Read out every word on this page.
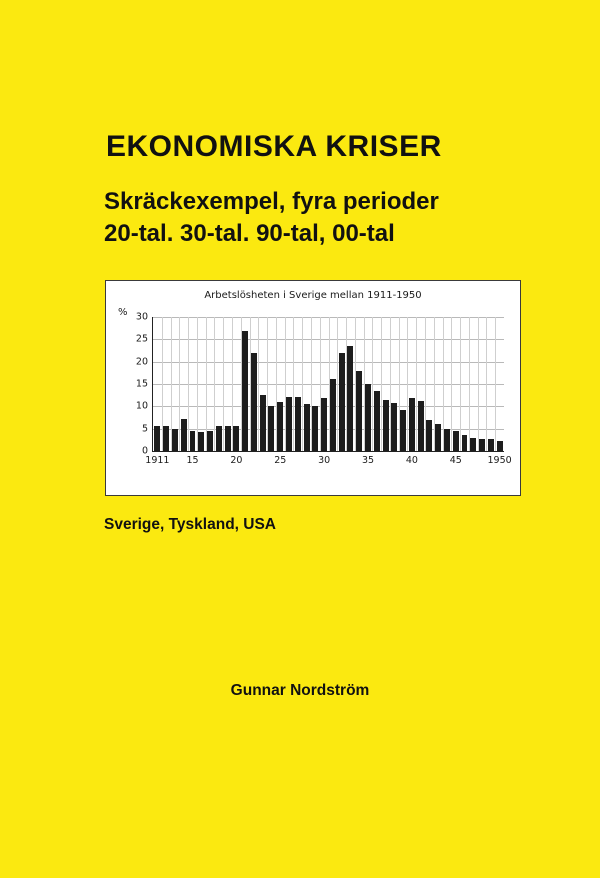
EKONOMISKA KRISER
Skräckexempel, fyra perioder
20-tal. 30-tal. 90-tal, 00-tal
Arbetslösheten i Sverige mellan 1911-1950
%
0
5
10
15
20
25
30
1911 15	20	25	30	35	40	45	1950
Sverige, Tyskland, USA
Gunnar Nordström
